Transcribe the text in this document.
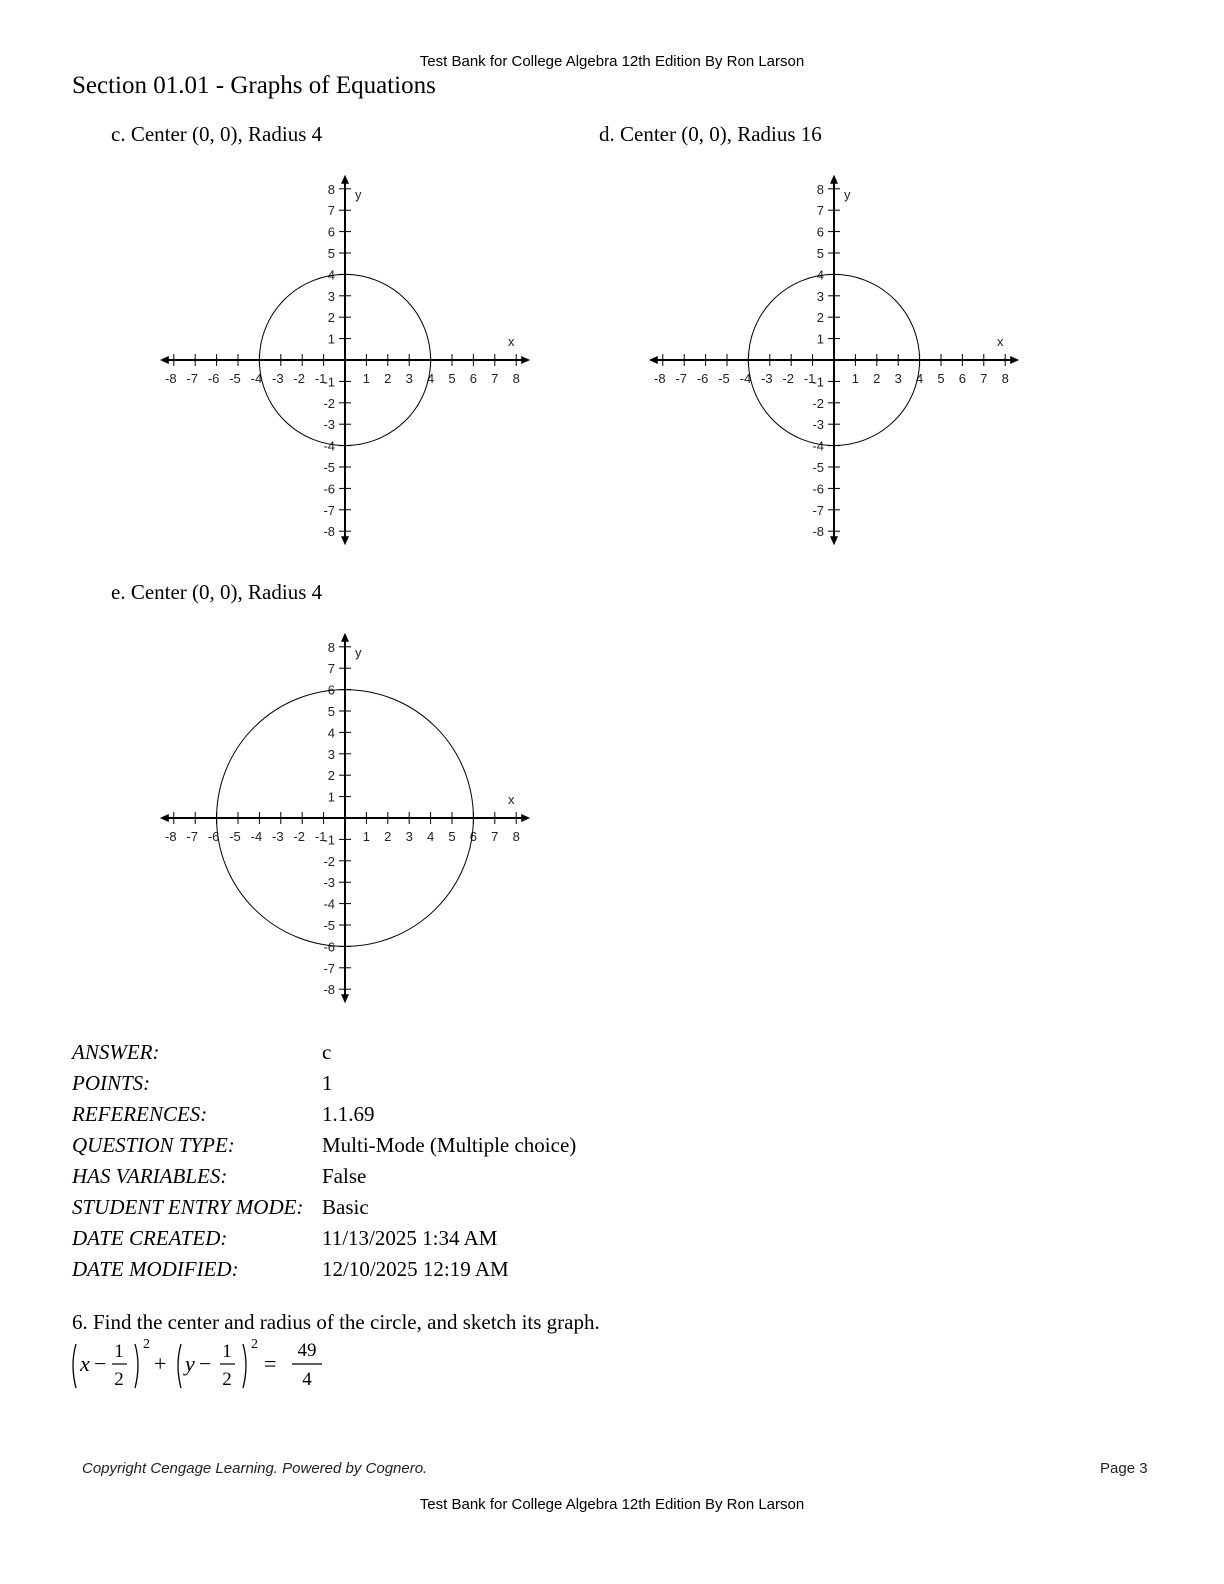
Test Bank for College Algebra 12th Edition By Ron Larson
Section 01.01 - Graphs of Equations
c. Center (0, 0), Radius 4	d. Center (0, 0), Radius 16
e. Center (0, 0), Radius 4
-8 -7 -6 -5 -4 -3 -2 -1	1 2 3 4 5 6 7 8
8
7
6
5
4
3
2
1
-1
-2
-3
-4
-5
-6
-7
-8
x
y
-8 -7 -6 -5 -4 -3 -2 -1	1 2 3 4 5 6 7 8
8
7
6
5
4
3
2
1
-1
-2
-3
-4
-5
-6
-7
-8
x
y
-8 -7 -6 -5 -4 -3 -2 -1	1 2 3 4 5 6 7 8
8
7
6
5
4
3
2
1
-1
-2
-3
-4
-5
-6
-7
-8
x
y
ANSWER:	c
POINTS:	1
REFERENCES:	1.1.69
QUESTION TYPE:	Multi-Mode (Multiple choice)
HAS VARIABLES:	False
STUDENT ENTRY MODE: Basic
DATE CREATED:	11/13/2025 1:34 AM
DATE MODIFIED:	12/10/2025 12:19 AM
6. Find the center and radius of the circle, and sketch its graph.
x − 1
2
2
+ y − 1
2
2
=
49
4
Copyright Cengage Learning. Powered by Cognero.	Page 3
Test Bank for College Algebra 12th Edition By Ron Larson
